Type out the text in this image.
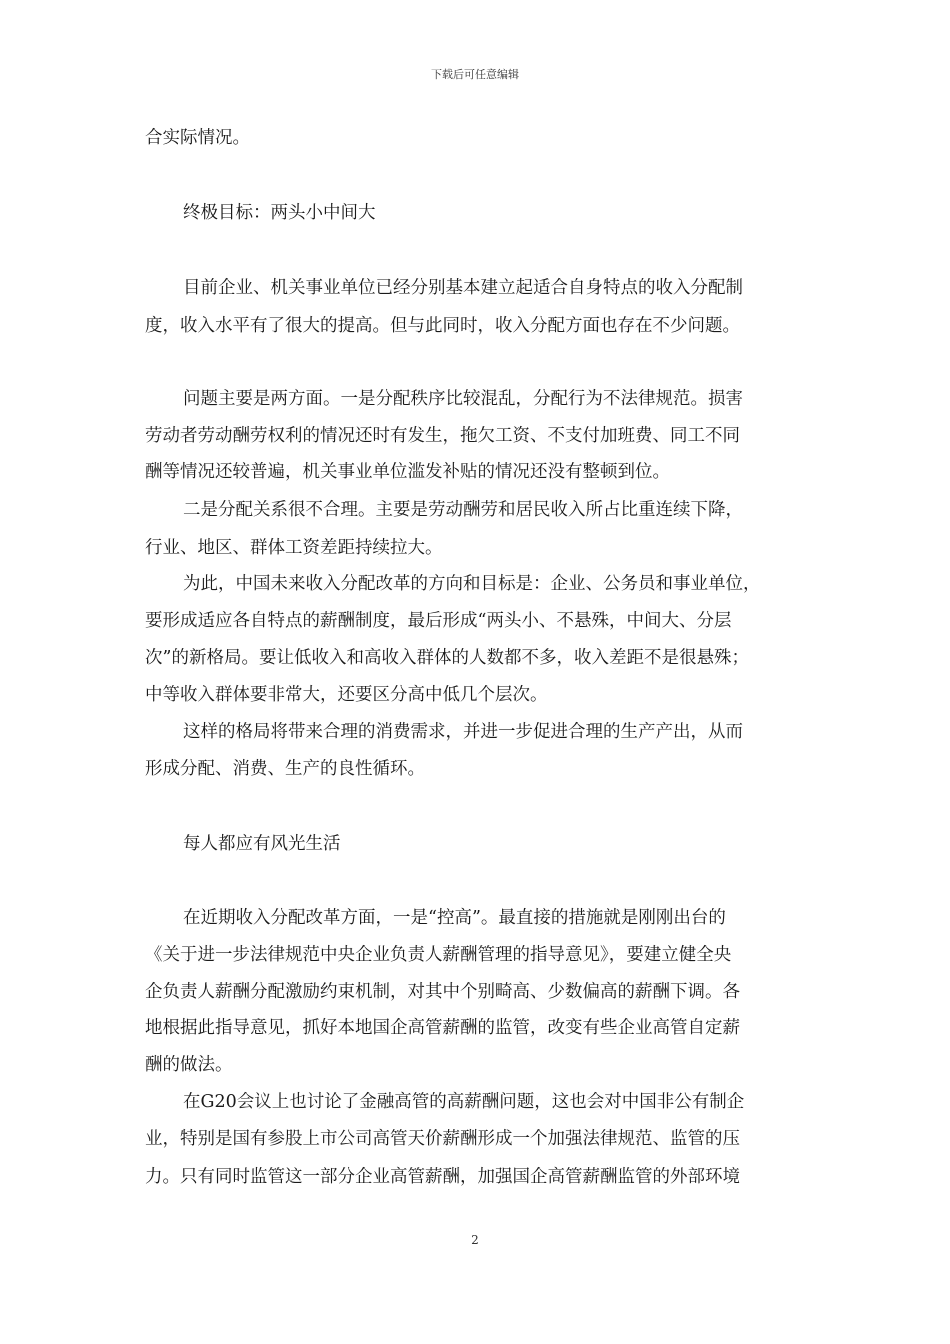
下载后可任意编辑
合实际情况。
终极目标：两头小中间大
目前企业、机关事业单位已经分别基本建立起适合自身特点的收入分配制
度，收入水平有了很大的提高。但与此同时，收入分配方面也存在不少问题。
问题主要是两方面。一是分配秩序比较混乱，分配行为不法律规范。损害
劳动者劳动酬劳权利的情况还时有发生，拖欠工资、不支付加班费、同工不同
酬等情况还较普遍，机关事业单位滥发补贴的情况还没有整顿到位。
二是分配关系很不合理。主要是劳动酬劳和居民收入所占比重连续下降，
行业、地区、群体工资差距持续拉大。
为此，中国未来收入分配改革的方向和目标是：企业、公务员和事业单位，
要形成适应各自特点的薪酬制度，最后形成“两头小、不悬殊，中间大、分层
次”的新格局。要让低收入和高收入群体的人数都不多，收入差距不是很悬殊；
中等收入群体要非常大，还要区分高中低几个层次。
这样的格局将带来合理的消费需求，并进一步促进合理的生产产出，从而
形成分配、消费、生产的良性循环。
每人都应有风光生活
在近期收入分配改革方面，一是“控高”。最直接的措施就是刚刚出台的
《关于进一步法律规范中央企业负责人薪酬管理的指导意见》，要建立健全央
企负责人薪酬分配激励约束机制，对其中个别畸高、少数偏高的薪酬下调。各
地根据此指导意见，抓好本地国企高管薪酬的监管，改变有些企业高管自定薪
酬的做法。
在G20会议上也讨论了金融高管的高薪酬问题，这也会对中国非公有制企
业，特别是国有参股上市公司高管天价薪酬形成一个加强法律规范、监管的压
力。只有同时监管这一部分企业高管薪酬，加强国企高管薪酬监管的外部环境
2
